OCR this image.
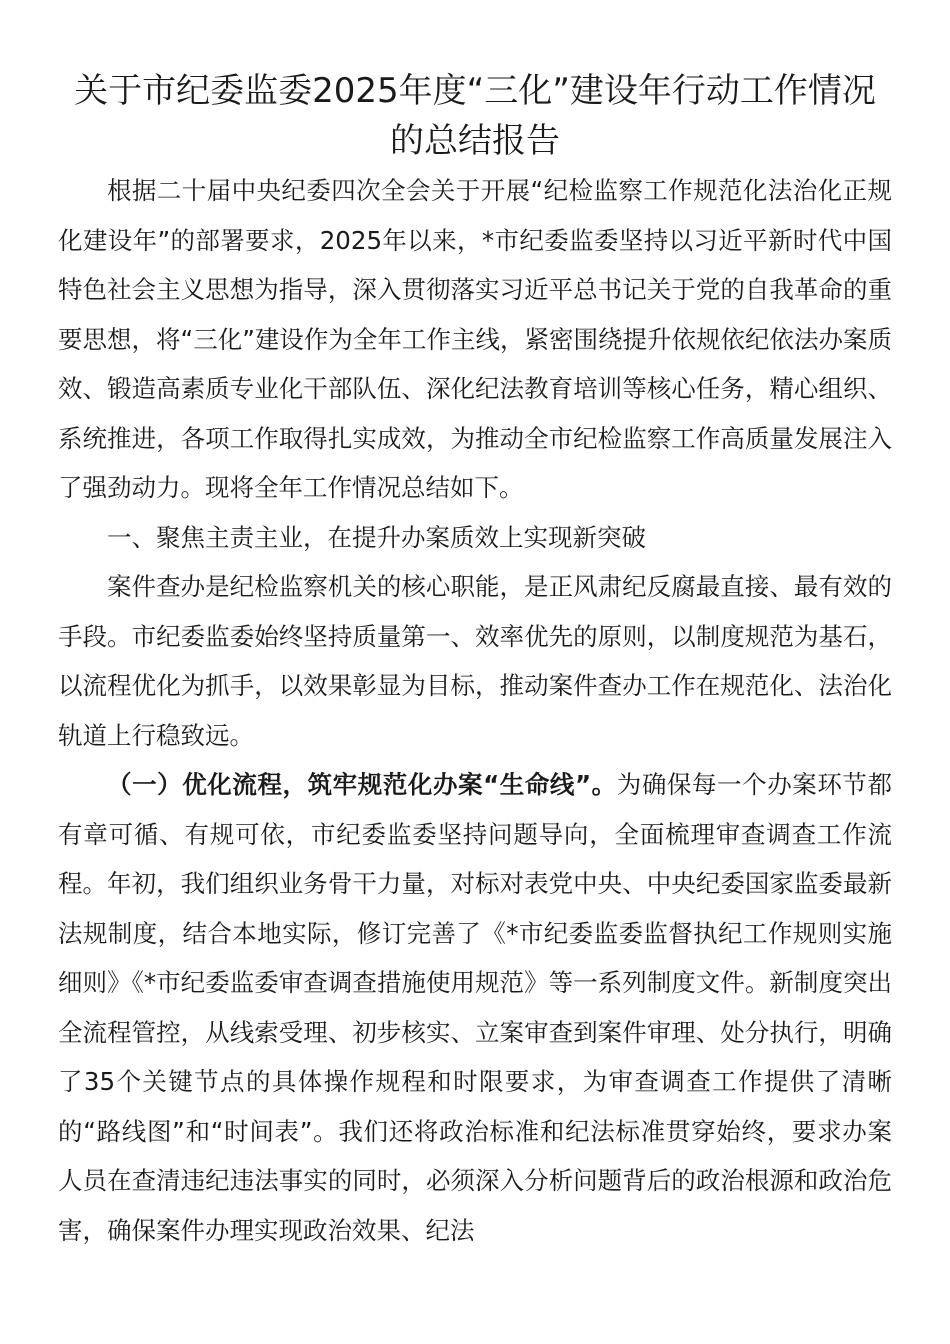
关于市纪委监委2025年度“三化”建设年行动工作情况的总结报告

根据二十届中央纪委四次全会关于开展“纪检监察工作规范化法治化正规化建设年”的部署要求，2025年以来，*市纪委监委坚持以习近平新时代中国特色社会主义思想为指导，深入贯彻落实习近平总书记关于党的自我革命的重要思想，将“三化”建设作为全年工作主线，紧密围绕提升依规依纪依法办案质效、锻造高素质专业化干部队伍、深化纪法教育培训等核心任务，精心组织、系统推进，各项工作取得扎实成效，为推动全市纪检监察工作高质量发展注入了强劲动力。现将全年工作情况总结如下。

一、聚焦主责主业，在提升办案质效上实现新突破

案件查办是纪检监察机关的核心职能，是正风肃纪反腐最直接、最有效的手段。市纪委监委始终坚持质量第一、效率优先的原则，以制度规范为基石，以流程优化为抓手，以效果彰显为目标，推动案件查办工作在规范化、法治化轨道上行稳致远。

（一）优化流程，筑牢规范化办案“生命线”。为确保每一个办案环节都有章可循、有规可依，市纪委监委坚持问题导向，全面梳理审查调查工作流程。年初，我们组织业务骨干力量，对标对表党中央、中央纪委国家监委最新法规制度，结合本地实际，修订完善了《*市纪委监委监督执纪工作规则实施细则》《*市纪委监委审查调查措施使用规范》等一系列制度文件。新制度突出全流程管控，从线索受理、初步核实、立案审查到案件审理、处分执行，明确了35个关键节点的具体操作规程和时限要求，为审查调查工作提供了清晰的“路线图”和“时间表”。我们还将政治标准和纪法标准贯穿始终，要求办案人员在查清违纪违法事实的同时，必须深入分析问题背后的政治根源和政治危害，确保案件办理实现政治效果、纪法
